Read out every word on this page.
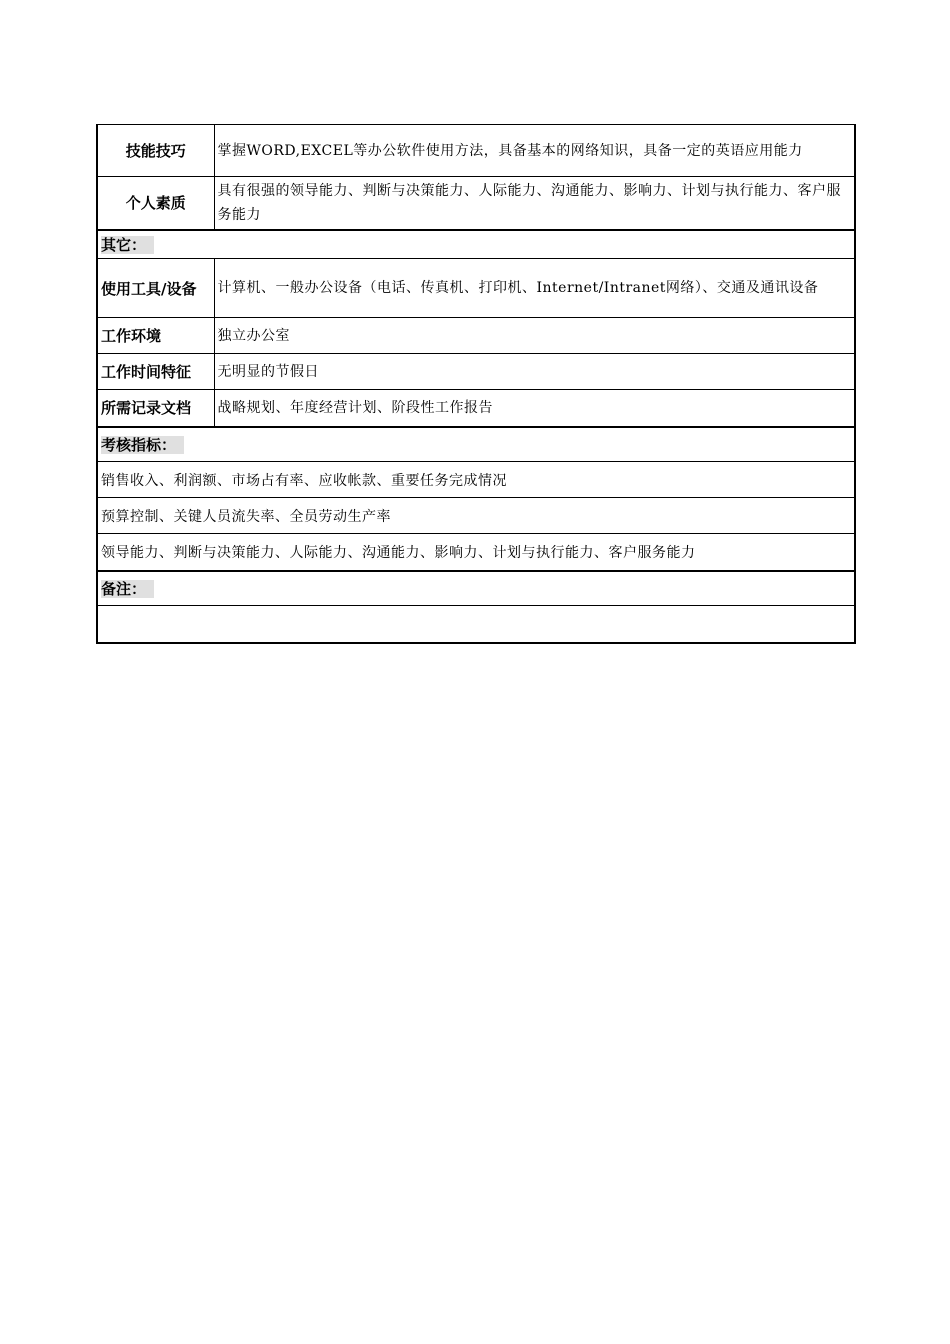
技能技巧	掌握WORD,EXCEL等办公软件使用方法，具备基本的网络知识，具备一定的英语应用能力
个人素质	具有很强的领导能力、判断与决策能力、人际能力、沟通能力、影响力、计划与执行能力、客户服务能力
其它：	
使用工具/设备	计算机、一般办公设备（电话、传真机、打印机、Internet/Intranet网络）、交通及通讯设备
工作环境	独立办公室
工作时间特征	无明显的节假日
所需记录文档	战略规划、年度经营计划、阶段性工作报告
考核指标：	
销售收入、利润额、市场占有率、应收帐款、重要任务完成情况	
预算控制、关键人员流失率、全员劳动生产率	
领导能力、判断与决策能力、人际能力、沟通能力、影响力、计划与执行能力、客户服务能力	
备注：	
